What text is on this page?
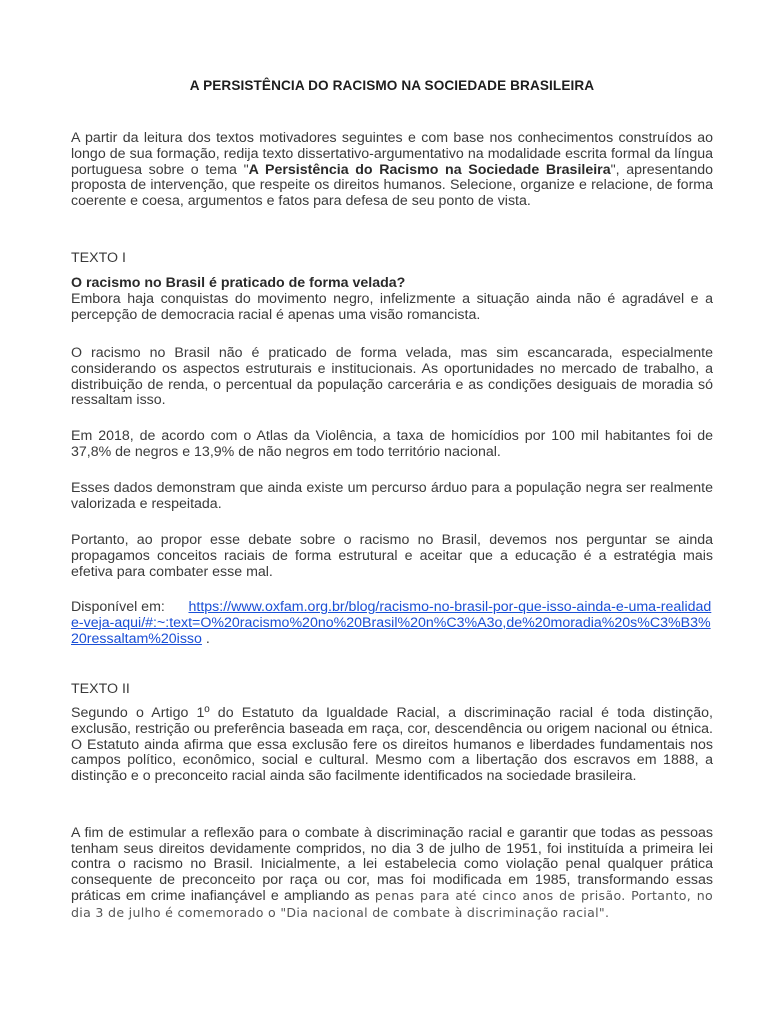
A PERSISTÊNCIA DO RACISMO NA SOCIEDADE BRASILEIRA

A partir da leitura dos textos motivadores seguintes e com base nos conhecimentos construídos ao longo de sua formação, redija texto dissertativo-argumentativo na modalidade escrita formal da língua portuguesa sobre o tema "A Persistência do Racismo na Sociedade Brasileira", apresentando proposta de intervenção, que respeite os direitos humanos. Selecione, organize e relacione, de forma coerente e coesa, argumentos e fatos para defesa de seu ponto de vista.

TEXTO I

O racismo no Brasil é praticado de forma velada?
Embora haja conquistas do movimento negro, infelizmente a situação ainda não é agradável e a percepção de democracia racial é apenas uma visão romancista.

O racismo no Brasil não é praticado de forma velada, mas sim escancarada, especialmente considerando os aspectos estruturais e institucionais. As oportunidades no mercado de trabalho, a distribuição de renda, o percentual da população carcerária e as condições desiguais de moradia só ressaltam isso.

Em 2018, de acordo com o Atlas da Violência, a taxa de homicídios por 100 mil habitantes foi de 37,8% de negros e 13,9% de não negros em todo território nacional.

Esses dados demonstram que ainda existe um percurso árduo para a população negra ser realmente valorizada e respeitada.

Portanto, ao propor esse debate sobre o racismo no Brasil, devemos nos perguntar se ainda propagamos conceitos raciais de forma estrutural e aceitar que a educação é a estratégia mais efetiva para combater esse mal.

Disponível em: https://www.oxfam.org.br/blog/racismo-no-brasil-por-que-isso-ainda-e-uma-realidade-veja-aqui/#:~:text=O%20racismo%20no%20Brasil%20n%C3%A3o,de%20moradia%20s%C3%B3%20ressaltam%20isso .

TEXTO II

Segundo o Artigo 1º do Estatuto da Igualdade Racial, a discriminação racial é toda distinção, exclusão, restrição ou preferência baseada em raça, cor, descendência ou origem nacional ou étnica. O Estatuto ainda afirma que essa exclusão fere os direitos humanos e liberdades fundamentais nos campos político, econômico, social e cultural. Mesmo com a libertação dos escravos em 1888, a distinção e o preconceito racial ainda são facilmente identificados na sociedade brasileira.

A fim de estimular a reflexão para o combate à discriminação racial e garantir que todas as pessoas tenham seus direitos devidamente compridos, no dia 3 de julho de 1951, foi instituída a primeira lei contra o racismo no Brasil. Inicialmente, a lei estabelecia como violação penal qualquer prática consequente de preconceito por raça ou cor, mas foi modificada em 1985, transformando essas práticas em crime inafiançável e ampliando as penas para até cinco anos de prisão. Portanto, no dia 3 de julho é comemorado o "Dia nacional de combate à discriminação racial".
